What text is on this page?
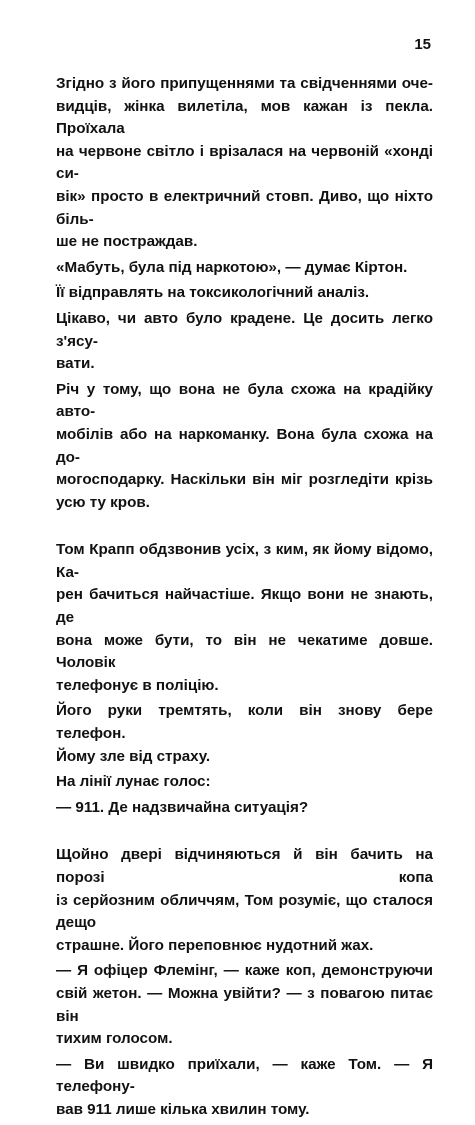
15

Згідно з його припущеннями та свідченнями оче-
видців, жінка вилетіла, мов кажан із пекла. Проїхала
на червоне світло і врізалася на червоній «хонді си-
вік» просто в електричний стовп. Диво, що ніхто біль-
ше не постраждав.

«Мабуть, була під наркотою», — думає Кіртон.

Її відправлять на токсикологічний аналіз.

Цікаво, чи авто було крадене. Це досить легко з'ясу-
вати.

Річ у тому, що вона не була схожа на крадійку авто-
мобілів або на наркоманку. Вона була схожа на до-
могосподарку. Наскільки він міг розгледіти крізь
усю ту кров.

Том Крапп обдзвонив усіх, з ким, як йому відомо, Ка-
рен бачиться найчастіше. Якщо вони не знають, де
вона може бути, то він не чекатиме довше. Чоловік
телефонує в поліцію.

Його руки тремтять, коли він знову бере телефон.
Йому зле від страху.

На лінії лунає голос:

— 911. Де надзвичайна ситуація?

Щойно двері відчиняються й він бачить на порозі копа
із серйозним обличчям, Том розуміє, що сталося дещо
страшне. Його переповнює нудотний жах.

— Я офіцер Флемінг, — каже коп, демонструючи
свій жетон. — Можна увійти? — з повагою питає він
тихим голосом.

— Ви швидко приїхали, — каже Том. — Я телефону-
вав 911 лише кілька хвилин тому.
